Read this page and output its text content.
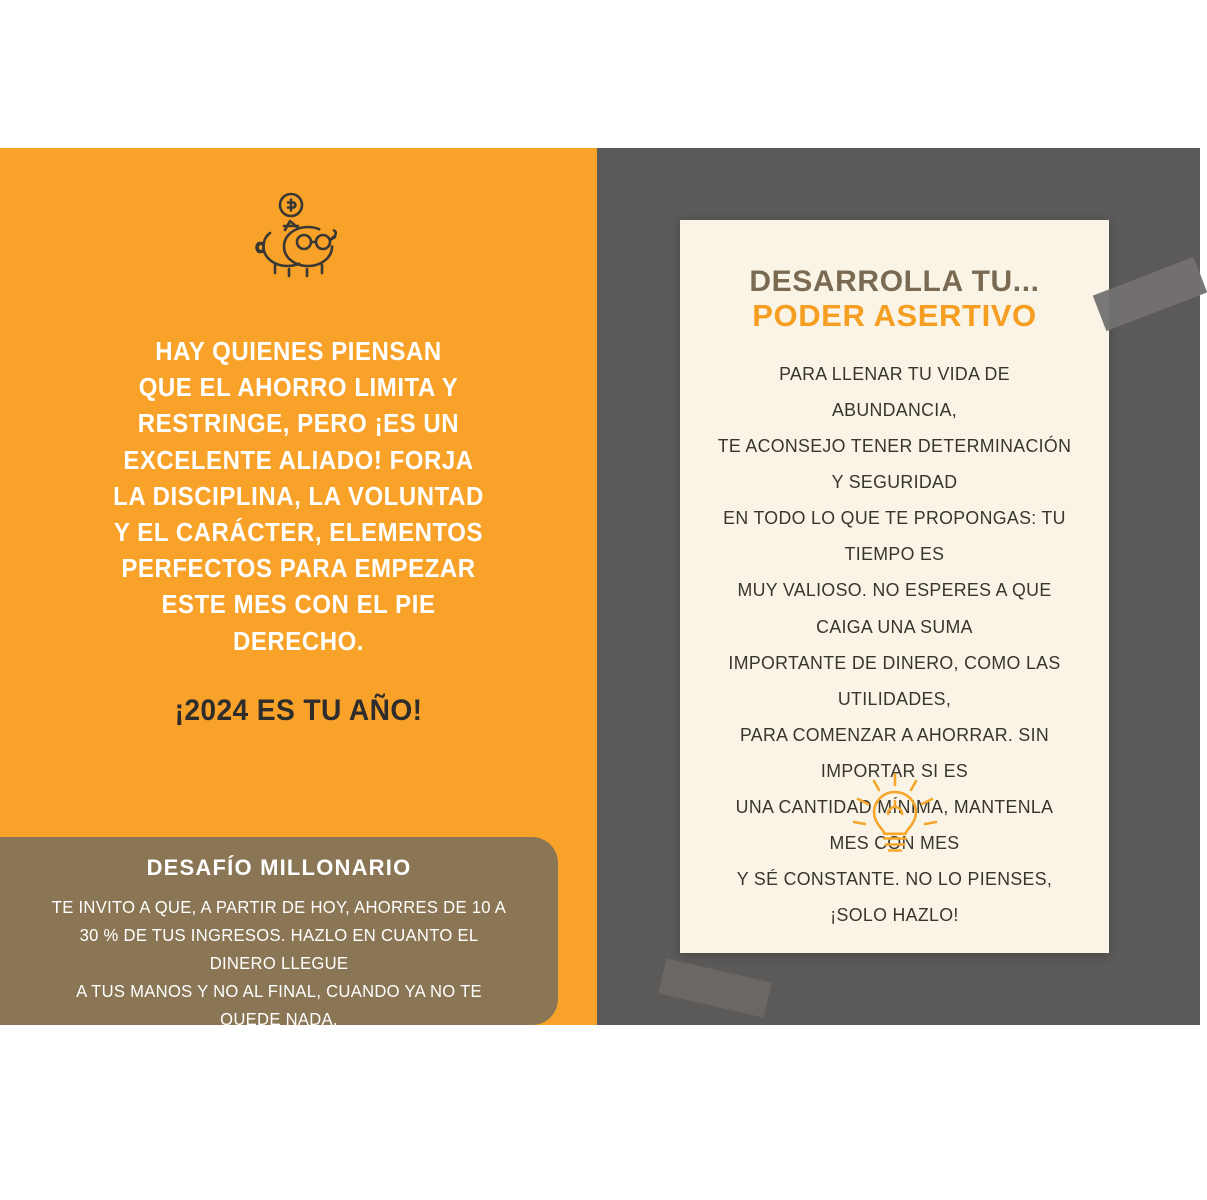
HAY QUIENES PIENSAN
QUE EL AHORRO LIMITA Y
RESTRINGE, PERO ¡ES UN
EXCELENTE ALIADO! FORJA
LA DISCIPLINA, LA VOLUNTAD
Y EL CARÁCTER, ELEMENTOS
PERFECTOS PARA EMPEZAR
ESTE MES CON EL PIE
DERECHO.
¡2024 ES TU AÑO!
DESAFÍO MILLONARIO
TE INVITO A QUE, A PARTIR DE HOY, AHORRES DE 10 A
30 % DE TUS INGRESOS. HAZLO EN CUANTO EL DINERO LLEGUE
A TUS MANOS Y NO AL FINAL, CUANDO YA NO TE QUEDE NADA.
¡SÉ PACIENTE Y NO BUSQUES LA GRATIFICACIÓN INSTANTÁNEA!
DESARROLLA TU...
PODER ASERTIVO
PARA LLENAR TU VIDA DE ABUNDANCIA,
TE ACONSEJO TENER DETERMINACIÓN Y SEGURIDAD
EN TODO LO QUE TE PROPONGAS: TU TIEMPO ES
MUY VALIOSO. NO ESPERES A QUE CAIGA UNA SUMA
IMPORTANTE DE DINERO, COMO LAS UTILIDADES,
PARA COMENZAR A AHORRAR. SIN IMPORTAR SI ES
UNA CANTIDAD MÍNIMA, MANTENLA MES CON MES
Y SÉ CONSTANTE. NO LO PIENSES, ¡SOLO HAZLO!
